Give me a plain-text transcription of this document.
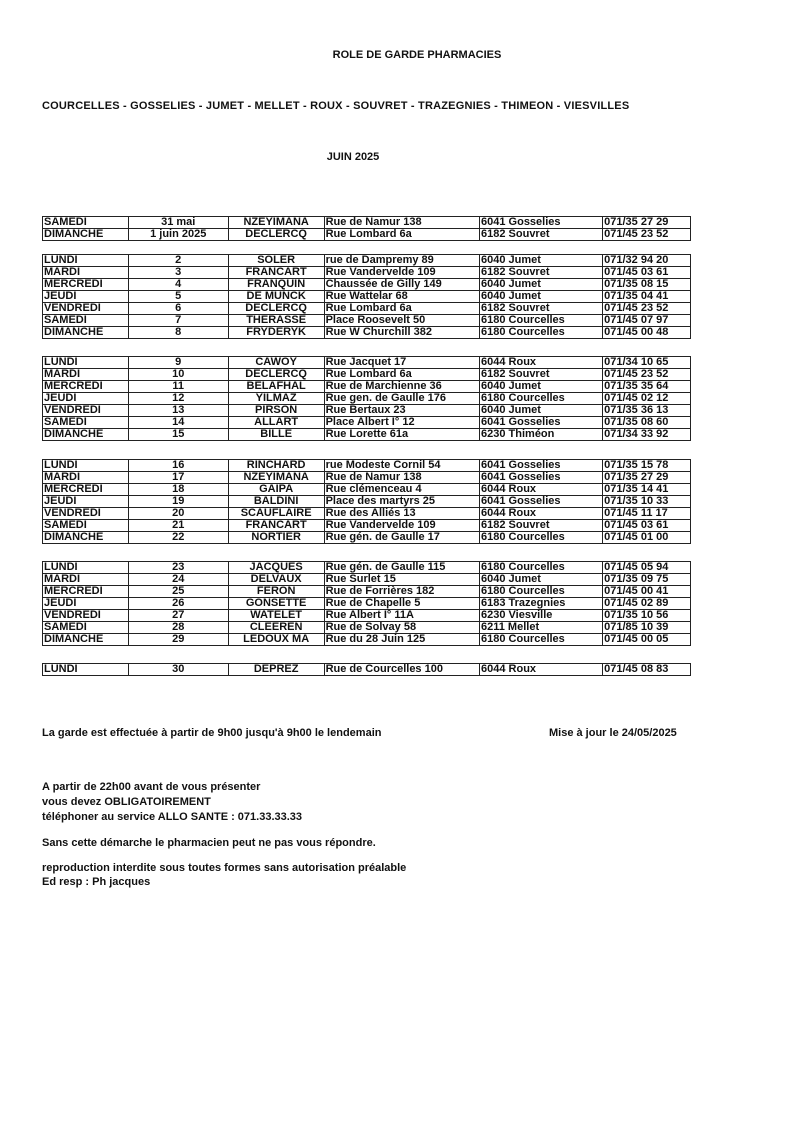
ROLE DE GARDE PHARMACIES
COURCELLES - GOSSELIES - JUMET - MELLET - ROUX - SOUVRET - TRAZEGNIES - THIMEON - VIESVILLES
JUIN 2025
SAMEDI	31 mai	NZEYIMANA	Rue de Namur 138	6041 Gosselies	071/35 27 29
DIMANCHE	1 juin 2025	DECLERCQ	Rue Lombard 6a	6182 Souvret	071/45 23 52
LUNDI	2	SOLER	rue de Dampremy 89	6040 Jumet	071/32 94 20
MARDI	3	FRANCART	Rue Vandervelde 109	6182 Souvret	071/45 03 61
MERCREDI	4	FRANQUIN	Chaussée de Gilly 149	6040 Jumet	071/35 08 15
JEUDI	5	DE MUNCK	Rue Wattelar 68	6040 Jumet	071/35 04 41
VENDREDI	6	DECLERCQ	Rue Lombard 6a	6182 Souvret	071/45 23 52
SAMEDI	7	THERASSE	Place Roosevelt 50	6180 Courcelles	071/45 07 97
DIMANCHE	8	FRYDERYK	Rue W Churchill 382	6180 Courcelles	071/45 00 48
LUNDI	9	CAWOY	Rue Jacquet 17	6044 Roux	071/34 10 65
MARDI	10	DECLERCQ	Rue Lombard 6a	6182 Souvret	071/45 23 52
MERCREDI	11	BELAFHAL	Rue de Marchienne 36	6040 Jumet	071/35 35 64
JEUDI	12	YILMAZ	Rue gen. de Gaulle 176	6180 Courcelles	071/45 02 12
VENDREDI	13	PIRSON	Rue Bertaux 23	6040 Jumet	071/35 36 13
SAMEDI	14	ALLART	Place Albert I° 12	6041 Gosselies	071/35 08 60
DIMANCHE	15	BILLE	Rue Lorette 61a	6230 Thiméon	071/34 33 92
LUNDI	16	RINCHARD	rue Modeste Cornil 54	6041 Gosselies	071/35 15 78
MARDI	17	NZEYIMANA	Rue de Namur 138	6041 Gosselies	071/35 27 29
MERCREDI	18	GAIPA	Rue clémenceau 4	6044 Roux	071/35 14 41
JEUDI	19	BALDINI	Place des martyrs 25	6041 Gosselies	071/35 10 33
VENDREDI	20	SCAUFLAIRE	Rue des Alliés 13	6044 Roux	071/45 11 17
SAMEDI	21	FRANCART	Rue Vandervelde 109	6182 Souvret	071/45 03 61
DIMANCHE	22	NORTIER	Rue gén. de Gaulle 17	6180 Courcelles	071/45 01 00
LUNDI	23	JACQUES	Rue gén. de Gaulle 115	6180 Courcelles	071/45 05 94
MARDI	24	DELVAUX	Rue Surlet 15	6040 Jumet	071/35 09 75
MERCREDI	25	FERON	Rue de Forrières 182	6180 Courcelles	071/45 00 41
JEUDI	26	GONSETTE	Rue de Chapelle 5	6183 Trazegnies	071/45 02 89
VENDREDI	27	WATELET	Rue Albert I° 11A	6230 Viesville	071/35 10 56
SAMEDI	28	CLEEREN	Rue de Solvay 58	6211 Mellet	071/85 10 39
DIMANCHE	29	LEDOUX MA	Rue du 28 Juin 125	6180 Courcelles	071/45 00 05
LUNDI	30	DEPREZ	Rue de Courcelles 100	6044 Roux	071/45 08 83
La garde est effectuée à partir de 9h00 jusqu'à 9h00 le lendemain	Mise à jour le 24/05/2025
A partir de 22h00 avant de vous présenter
vous devez OBLIGATOIREMENT
téléphoner au service ALLO SANTE : 071.33.33.33
Sans cette démarche le pharmacien peut ne pas vous répondre.
reproduction interdite sous toutes formes sans autorisation préalable
Ed resp : Ph jacques
